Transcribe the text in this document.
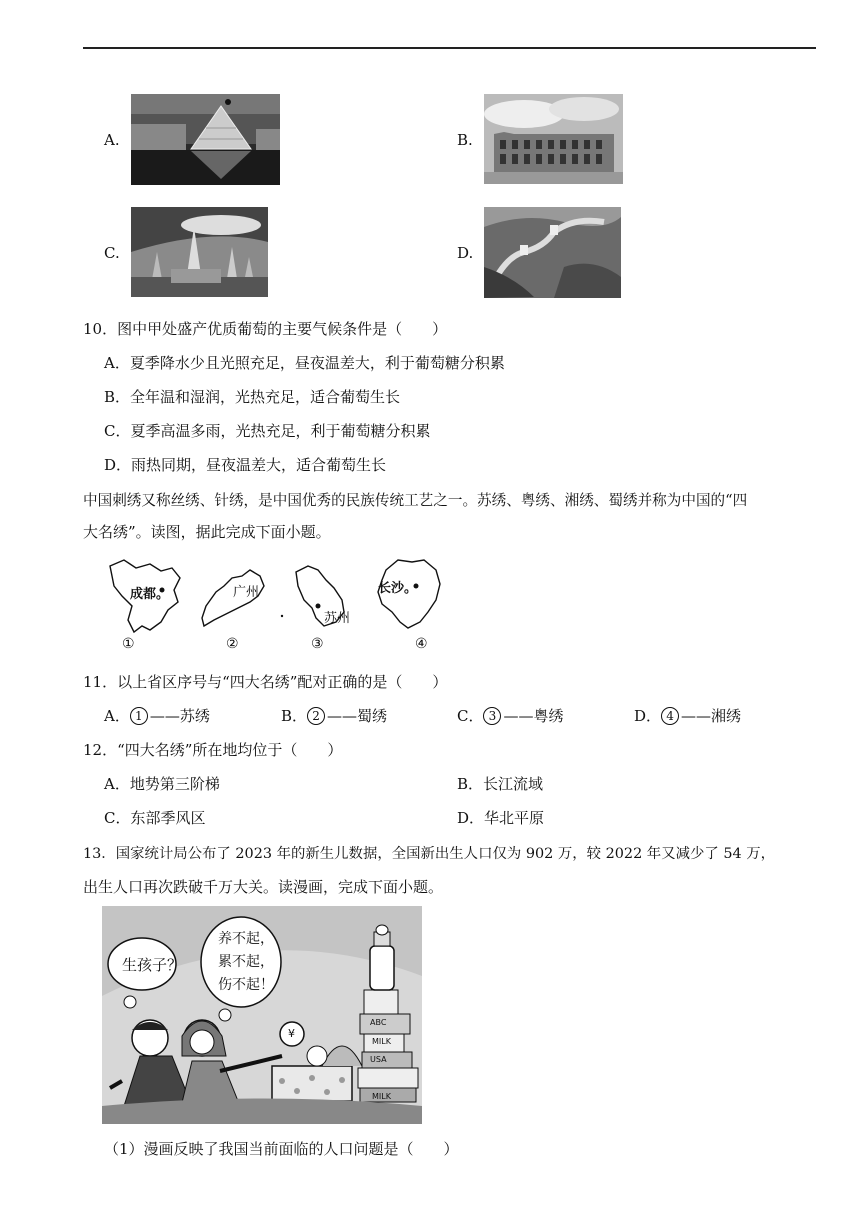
A.	B.
C.	D.
10．图中甲处盛产优质葡萄的主要气候条件是（　　）
A．夏季降水少且光照充足，昼夜温差大，利于葡萄糖分积累
B．全年温和湿润，光热充足，适合葡萄生长
C．夏季高温多雨，光热充足，利于葡萄糖分积累
D．雨热同期，昼夜温差大，适合葡萄生长
中国刺绣又称丝绣、针绣，是中国优秀的民族传统工艺之一。苏绣、粤绣、湘绣、蜀绣并称为中国的“四
大名绣”。读图，据此完成下面小题。
成都。	广州
苏州
长沙。
①	②	③	④
11．以上省区序号与“四大名绣”配对正确的是（　　）
A． 1 ——苏绣	B． 2 ——蜀绣	C． 3 ——粤绣	D． 4 ——湘绣
12．“四大名绣”所在地均位于（　　）
A．地势第三阶梯	B．长江流域
C．东部季风区	D．华北平原
13．国家统计局公布了 2023 年的新生儿数据，全国新出生人口仅为 902 万，较 2022 年又减少了 54 万，
出生人口再次跌破千万大关。读漫画，完成下面小题。
生孩子？
养不起，
累不起，
伤不起！
ABC
MILK
USA
MILK
¥
（1）漫画反映了我国当前面临的人口问题是（　　）
